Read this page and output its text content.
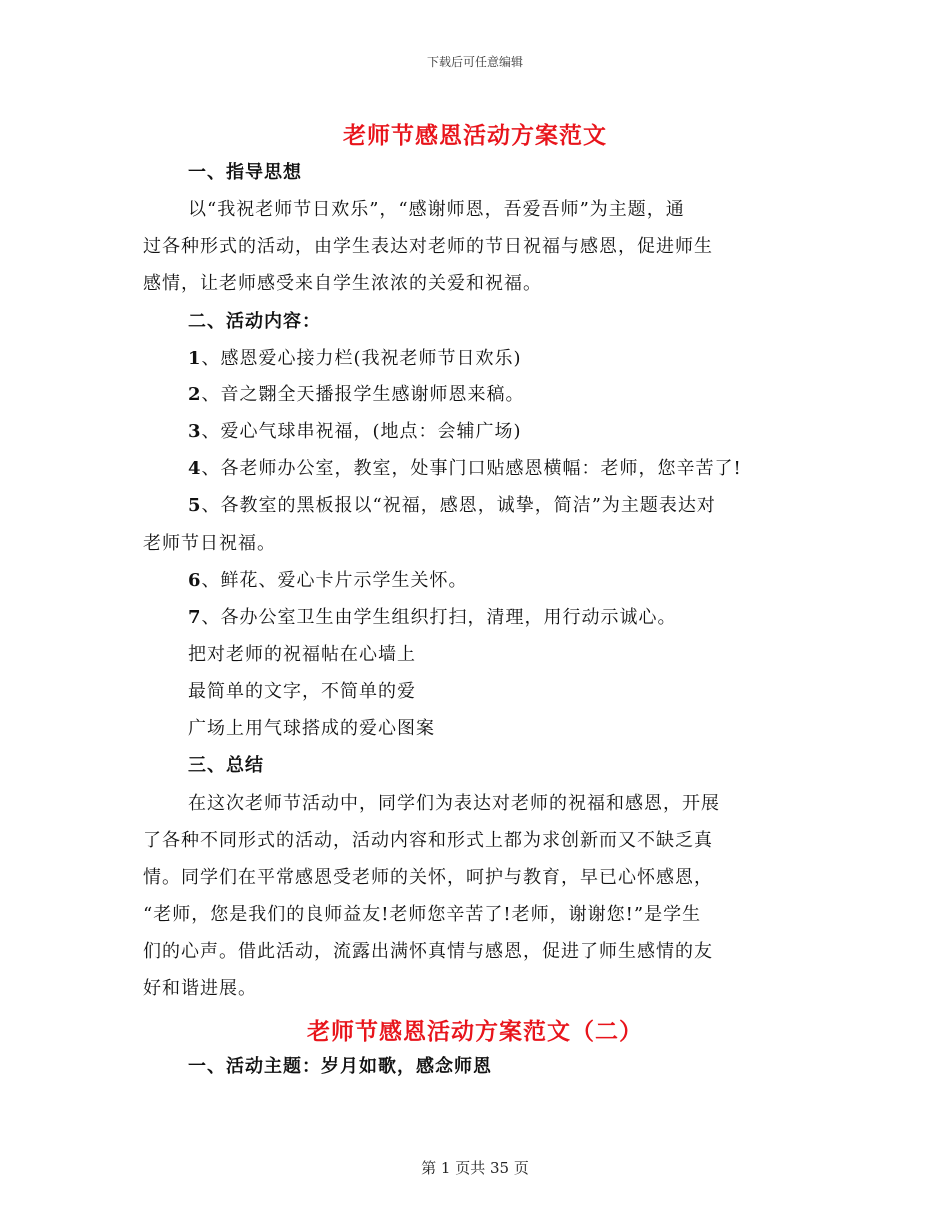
下载后可任意编辑
老师节感恩活动方案范文
一、指导思想
以“我祝老师节日欢乐”，“感谢师恩，吾爱吾师”为主题，通
过各种形式的活动，由学生表达对老师的节日祝福与感恩，促进师生
感情，让老师感受来自学生浓浓的关爱和祝福。
二、活动内容：
1、感恩爱心接力栏(我祝老师节日欢乐)
2、音之翾全天播报学生感谢师恩来稿。
3、爱心气球串祝福，(地点：会辅广场)
4、各老师办公室，教室，处事门口贴感恩横幅：老师，您辛苦了!
5、各教室的黑板报以“祝福，感恩，诚挚，简洁”为主题表达对
老师节日祝福。
6、鲜花、爱心卡片示学生关怀。
7、各办公室卫生由学生组织打扫，清理，用行动示诚心。
把对老师的祝福帖在心墙上
最简单的文字，不简单的爱
广场上用气球搭成的爱心图案
三、总结
在这次老师节活动中，同学们为表达对老师的祝福和感恩，开展
了各种不同形式的活动，活动内容和形式上都为求创新而又不缺乏真
情。同学们在平常感恩受老师的关怀，呵护与教育，早已心怀感恩，
“老师，您是我们的良师益友!老师您辛苦了!老师，谢谢您!”是学生
们的心声。借此活动，流露出满怀真情与感恩，促进了师生感情的友
好和谐进展。
老师节感恩活动方案范文（二）
一、活动主题：岁月如歌，感念师恩
第 1 页共 35 页
